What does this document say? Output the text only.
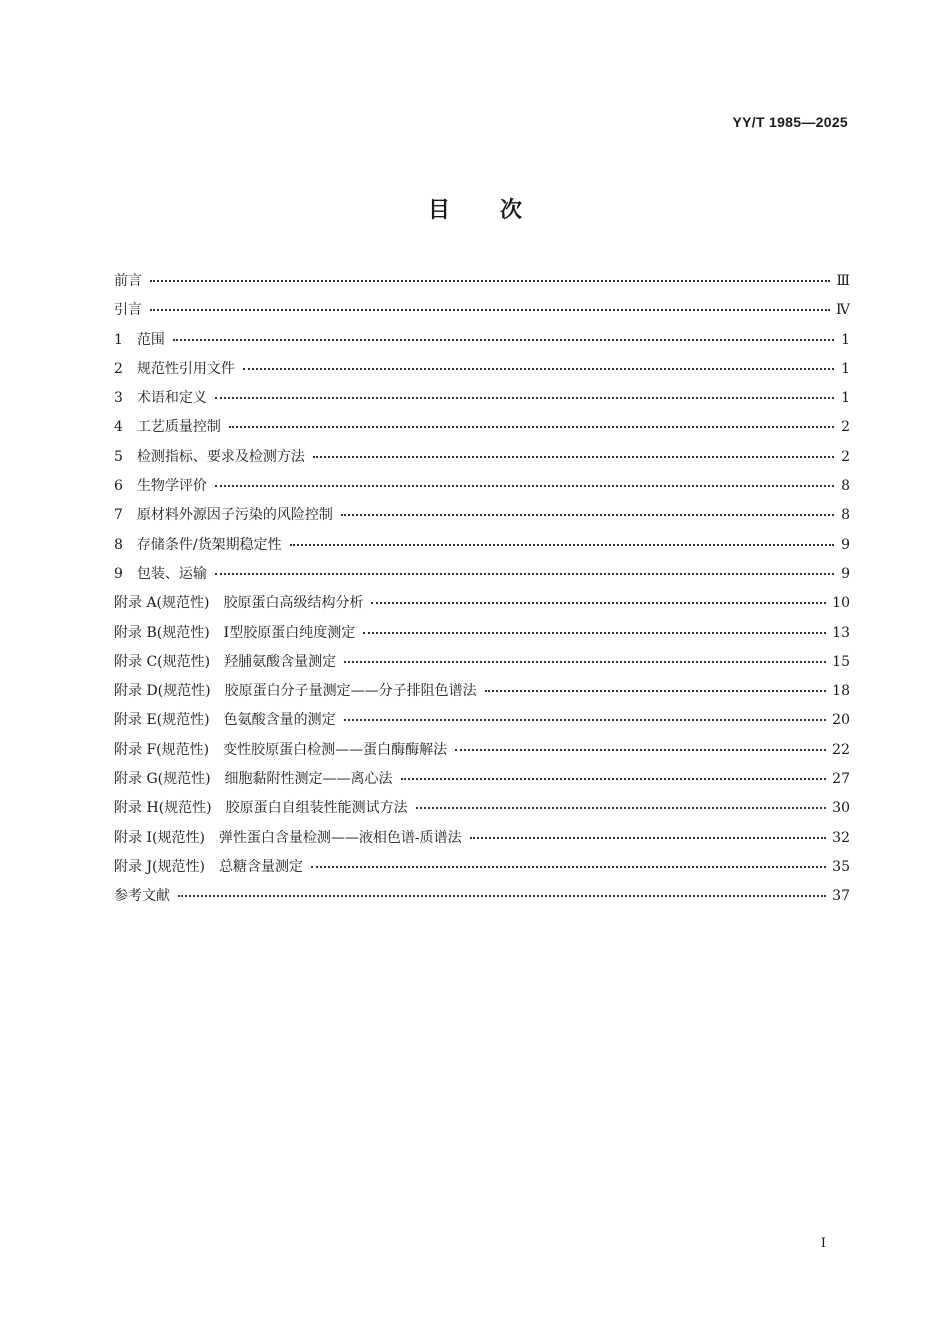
YY/T 1985—2025
目次
前言	Ⅲ
引言	Ⅳ
1　范围	1
2　规范性引用文件	1
3　术语和定义	1
4　工艺质量控制	2
5　检测指标、要求及检测方法	2
6　生物学评价	8
7　原材料外源因子污染的风险控制	8
8　存储条件/货架期稳定性	9
9　包装、运输	9
附录 A(规范性)　胶原蛋白高级结构分析	10
附录 B(规范性)　Ⅰ型胶原蛋白纯度测定	13
附录 C(规范性)　羟脯氨酸含量测定	15
附录 D(规范性)　胶原蛋白分子量测定——分子排阻色谱法	18
附录 E(规范性)　色氨酸含量的测定	20
附录 F(规范性)　变性胶原蛋白检测——蛋白酶酶解法	22
附录 G(规范性)　细胞黏附性测定——离心法	27
附录 H(规范性)　胶原蛋白自组装性能测试方法	30
附录 I(规范性)　弹性蛋白含量检测——液相色谱-质谱法	32
附录 J(规范性)　总糖含量测定	35
参考文献	37
I
